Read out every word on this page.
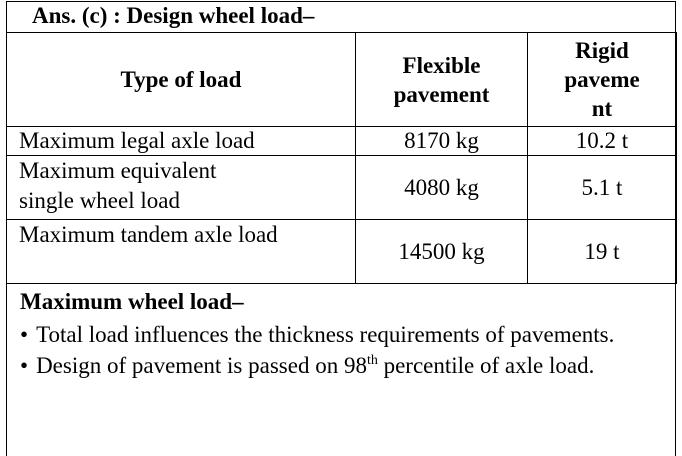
Ans. (c) : Design wheel load–
Type of load	Flexible pavement	Rigid paveme nt

Maximum legal axle load	8170 kg	10.2 t

Maximum equivalent single wheel load	4080 kg	5.1 t

Maximum tandem axle load	14500 kg	19 t
Maximum wheel load–
• Total load influences the thickness requirements of pavements.
• Design of pavement is passed on 98th percentile of axle load.
